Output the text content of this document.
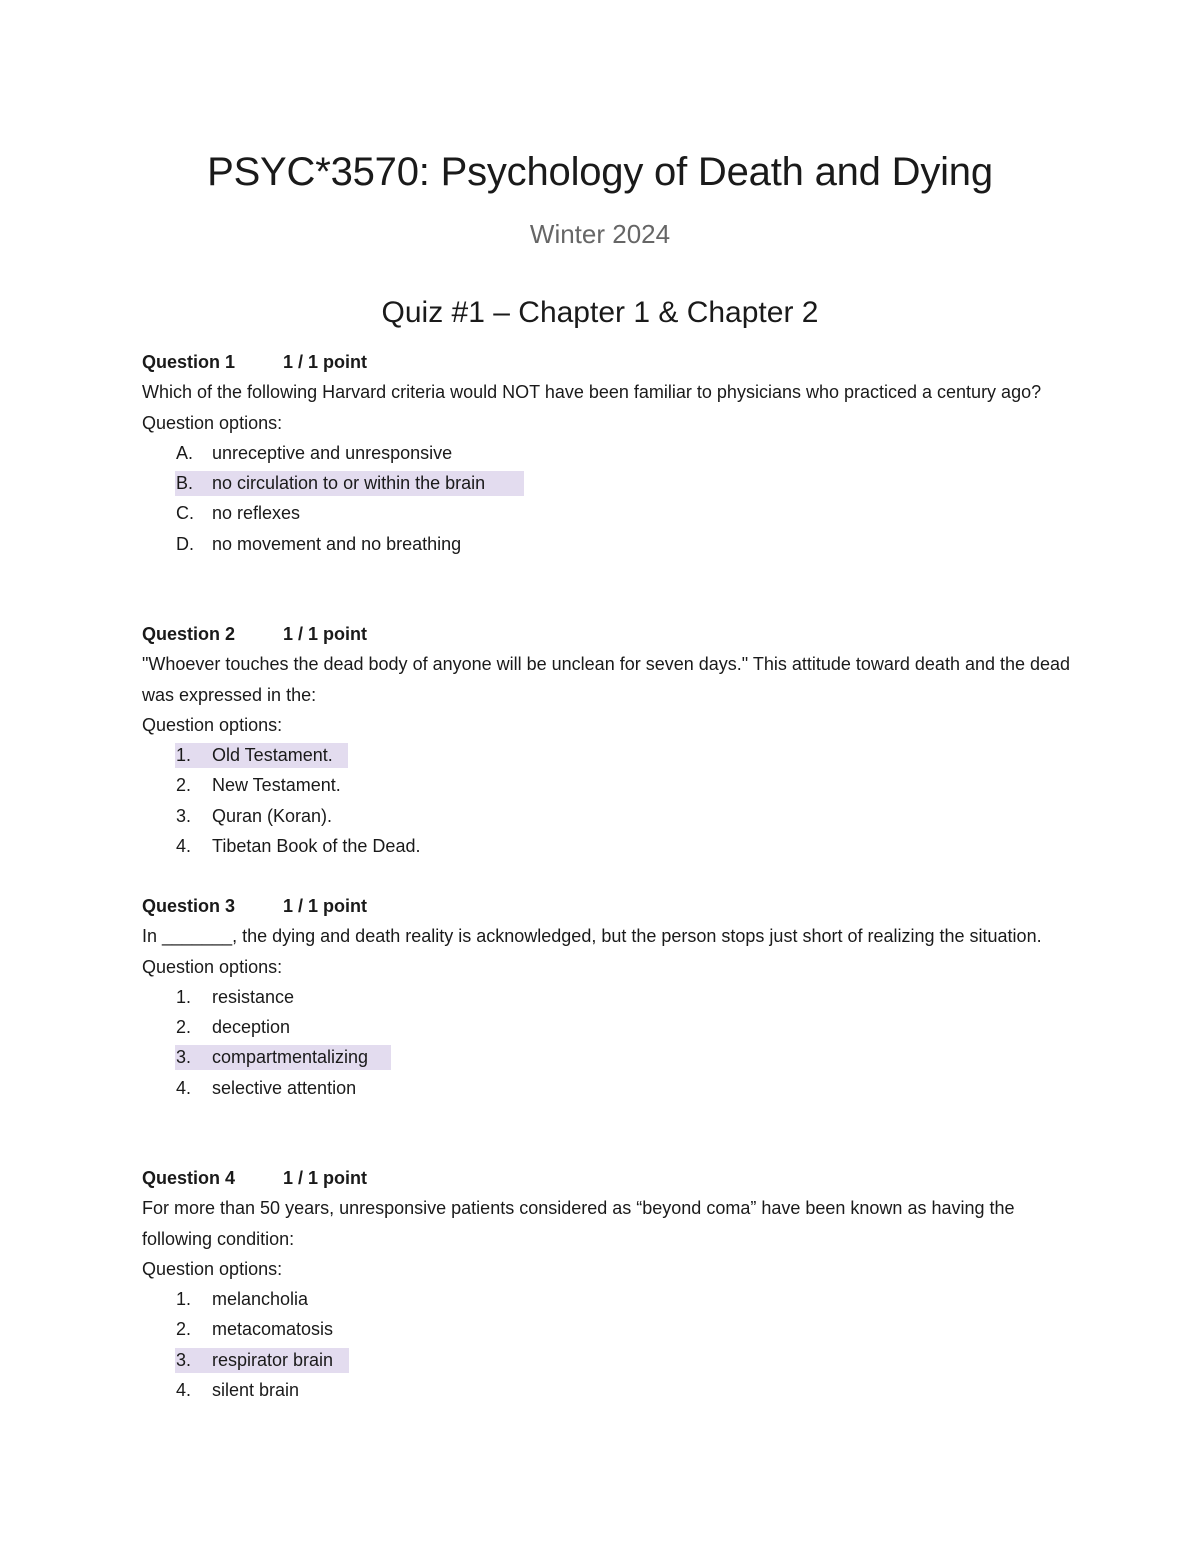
PSYC*3570: Psychology of Death and Dying
Winter 2024
Quiz #1 – Chapter 1 & Chapter 2
Question 1	1 / 1 point

Which of the following Harvard criteria would NOT have been familiar to physicians who practiced a century ago?

Question options:

A. unreceptive and unresponsive
B. no circulation to or within the brain
C. no reflexes
D. no movement and no breathing
Question 2	1 / 1 point

"Whoever touches the dead body of anyone will be unclean for seven days." This attitude toward death and the dead was expressed in the:

Question options:

1. Old Testament.
2. New Testament.
3. Quran (Koran).
4. Tibetan Book of the Dead.
Question 3	1 / 1 point

In _______, the dying and death reality is acknowledged, but the person stops just short of realizing the situation.

Question options:

1. resistance
2. deception
3. compartmentalizing
4. selective attention
Question 4	1 / 1 point

For more than 50 years, unresponsive patients considered as “beyond coma” have been known as having the following condition:

Question options:

1. melancholia
2. metacomatosis
3. respirator brain
4. silent brain
